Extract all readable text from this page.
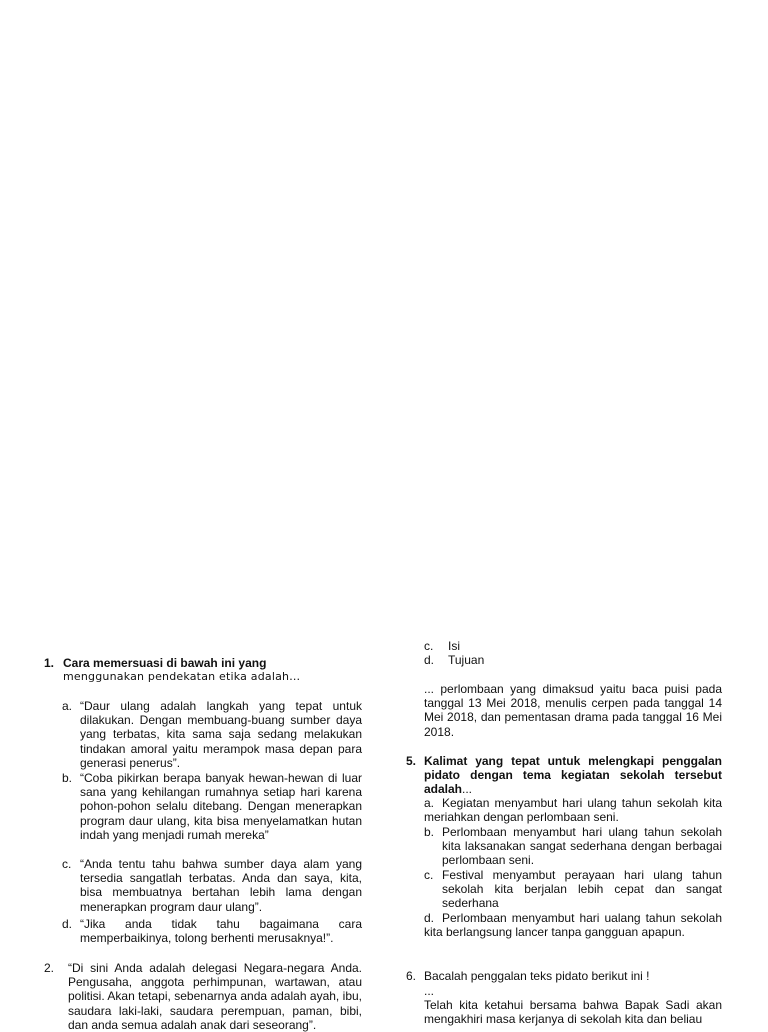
1. Cara memersuasi di bawah ini yang

menggunakan pendekatan etika adalah…

a. “Daur ulang adalah langkah yang tepat untuk dilakukan. Dengan membuang-buang sumber daya yang terbatas, kita sama saja sedang melakukan tindakan amoral yaitu merampok masa depan para generasi penerus”.

b. “Coba pikirkan berapa banyak hewan-hewan di luar sana yang kehilangan rumahnya setiap hari karena pohon-pohon selalu ditebang. Dengan menerapkan program daur ulang, kita bisa menyelamatkan hutan indah yang menjadi rumah mereka”

c. “Anda tentu tahu bahwa sumber daya alam yang tersedia sangatlah terbatas. Anda dan saya, kita, bisa membuatnya bertahan lebih lama dengan menerapkan program daur ulang”.

d. “Jika anda tidak tahu bagaimana cara memperbaikinya, tolong berhenti merusaknya!”.

2. “Di sini Anda adalah delegasi Negara-negara Anda. Pengusaha, anggota perhimpunan, wartawan, atau politisi. Akan tetapi, sebenarnya anda adalah ayah, ibu, saudara laki-laki, saudara perempuan, paman, bibi, dan anda semua adalah anak dari seseorang”.

c. Isi

d. Tujuan

... perlombaan yang dimaksud yaitu baca puisi pada tanggal 13 Mei 2018, menulis cerpen pada tanggal 14 Mei 2018, dan pementasan drama pada tanggal 16 Mei 2018.

5. Kalimat yang tepat untuk melengkapi penggalan pidato dengan tema kegiatan sekolah tersebut adalah...

a. Kegiatan menyambut hari ulang tahun sekolah kita meriahkan dengan perlombaan seni.

b. Perlombaan menyambut hari ulang tahun sekolah kita laksanakan sangat sederhana dengan berbagai perlombaan seni.

c. Festival menyambut perayaan hari ulang tahun sekolah kita berjalan lebih cepat dan sangat sederhana

d. Perlombaan menyambut hari ualang tahun sekolah kita berlangsung lancer tanpa gangguan apapun.

6. Bacalah penggalan teks pidato berikut ini !

...

Telah kita ketahui bersama bahwa Bapak Sadi akan mengakhiri masa kerjanya di sekolah kita dan beliau
